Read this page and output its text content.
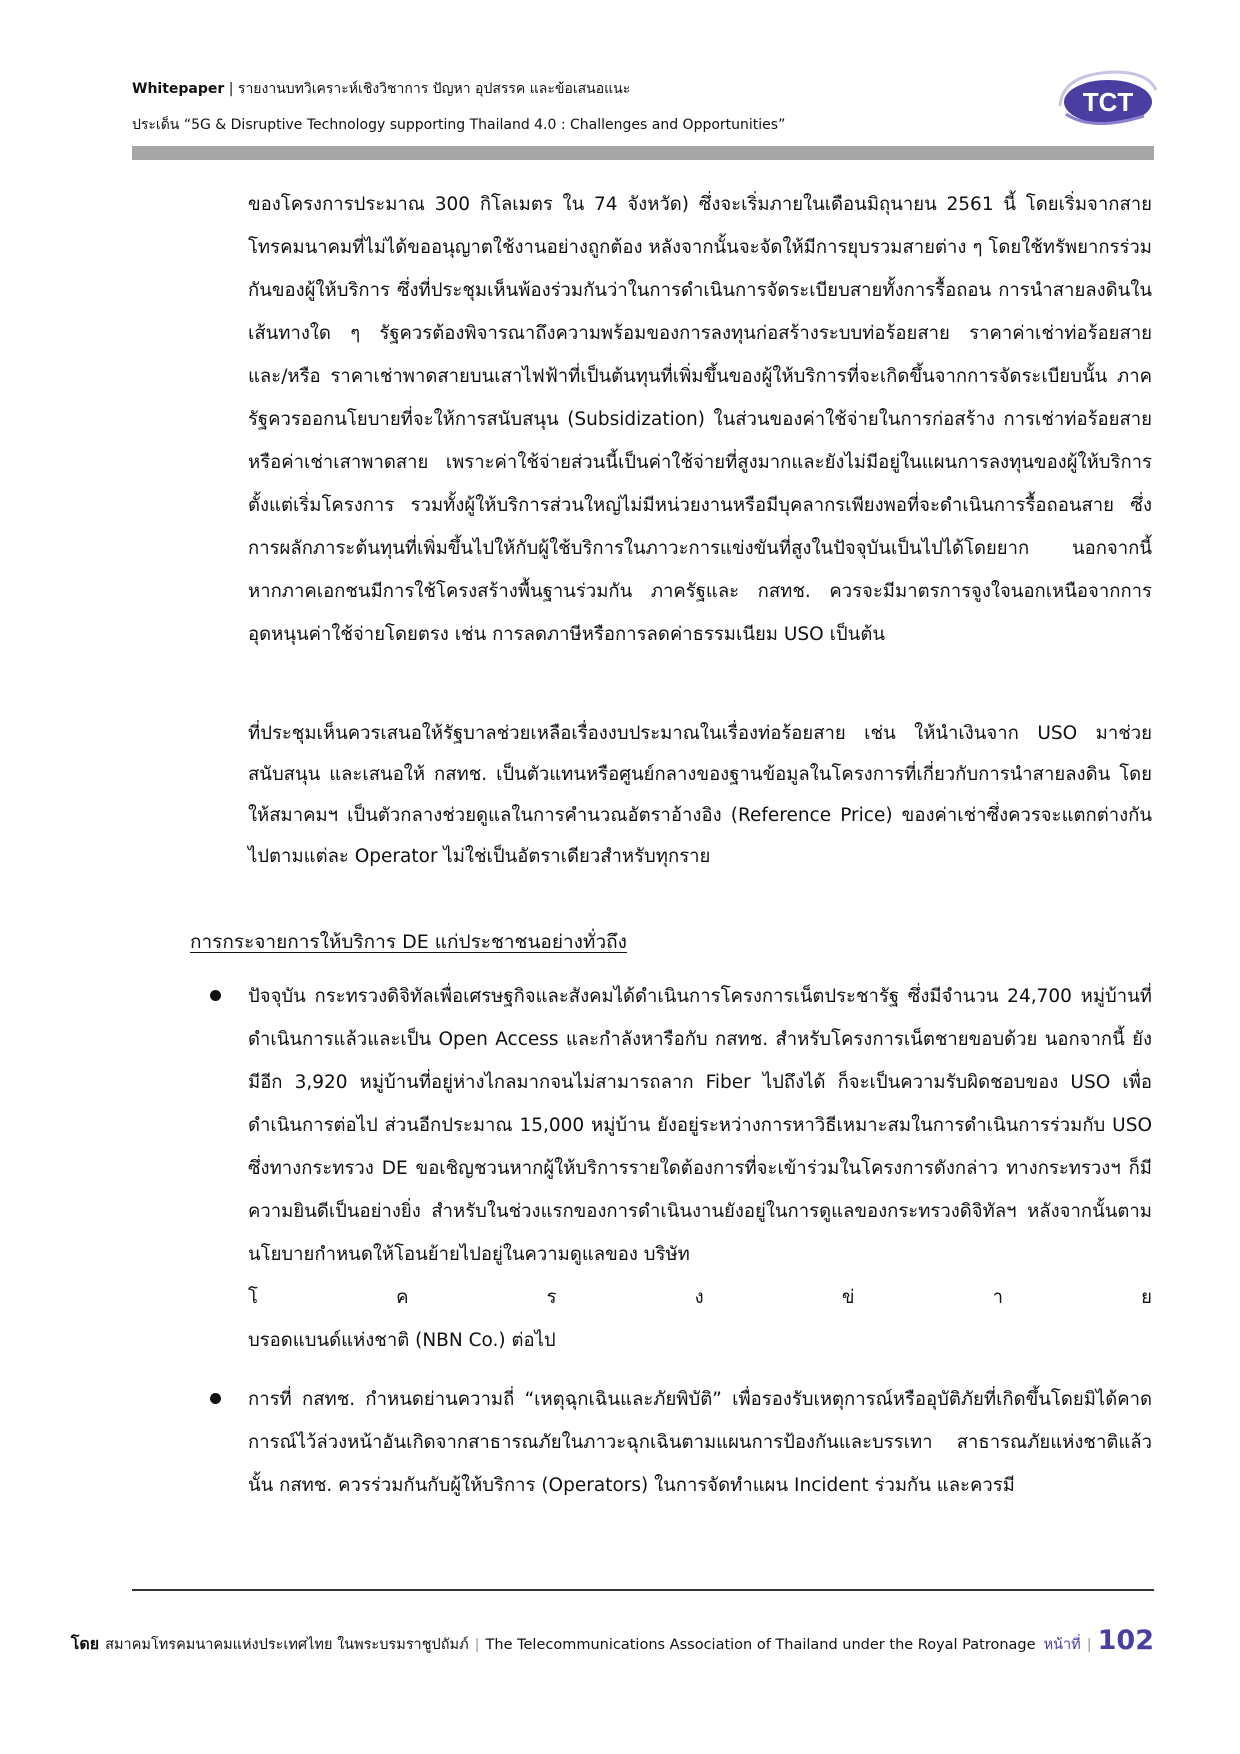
Whitepaper | รายงานบทวิเคราะห์เชิงวิชาการ ปัญหา อุปสรรค และข้อเสนอแนะ
ประเด็น “5G & Disruptive Technology supporting Thailand 4.0 : Challenges and Opportunities”
TCT

ของโครงการประมาณ 300 กิโลเมตร ใน 74 จังหวัด) ซึ่งจะเริ่มภายในเดือนมิถุนายน 2561 นี้ โดยเริ่มจากสายโทรคมนาคมที่ไม่ได้ขออนุญาตใช้งานอย่างถูกต้อง หลังจากนั้นจะจัดให้มีการยุบรวมสายต่าง ๆ โดยใช้ทรัพยากรร่วมกันของผู้ให้บริการ ซึ่งที่ประชุมเห็นพ้องร่วมกันว่าในการดำเนินการจัดระเบียบสายทั้งการรื้อถอน การนำสายลงดินในเส้นทางใด ๆ รัฐควรต้องพิจารณาถึงความพร้อมของการลงทุนก่อสร้างระบบท่อร้อยสาย ราคาค่าเช่าท่อร้อยสาย และ/หรือ ราคาเช่าพาดสายบนเสาไฟฟ้าที่เป็นต้นทุนที่เพิ่มขึ้นของผู้ให้บริการที่จะเกิดขึ้นจากการจัดระเบียบนั้น ภาครัฐควรออกนโยบายที่จะให้การสนับสนุน (Subsidization) ในส่วนของค่าใช้จ่ายในการก่อสร้าง การเช่าท่อร้อยสาย หรือค่าเช่าเสาพาดสาย เพราะค่าใช้จ่ายส่วนนี้เป็นค่าใช้จ่ายที่สูงมากและยังไม่มีอยู่ในแผนการลงทุนของผู้ให้บริการตั้งแต่เริ่มโครงการ รวมทั้งผู้ให้บริการส่วนใหญ่ไม่มีหน่วยงานหรือมีบุคลากรเพียงพอที่จะดำเนินการรื้อถอนสาย ซึ่งการผลักภาระต้นทุนที่เพิ่มขึ้นไปให้กับผู้ใช้บริการในภาวะการแข่งขันที่สูงในปัจจุบันเป็นไปได้โดยยาก นอกจากนี้ หากภาคเอกชนมีการใช้โครงสร้างพื้นฐานร่วมกัน ภาครัฐและ กสทช. ควรจะมีมาตรการจูงใจนอกเหนือจากการอุดหนุนค่าใช้จ่ายโดยตรง เช่น การลดภาษีหรือการลดค่าธรรมเนียม USO เป็นต้น

ที่ประชุมเห็นควรเสนอให้รัฐบาลช่วยเหลือเรื่องงบประมาณในเรื่องท่อร้อยสาย เช่น ให้นำเงินจาก USO มาช่วยสนับสนุน และเสนอให้ กสทช. เป็นตัวแทนหรือศูนย์กลางของฐานข้อมูลในโครงการที่เกี่ยวกับการนำสายลงดิน โดยให้สมาคมฯ เป็นตัวกลางช่วยดูแลในการคำนวณอัตราอ้างอิง (Reference Price) ของค่าเช่าซึ่งควรจะแตกต่างกันไปตามแต่ละ Operator ไม่ใช่เป็นอัตราเดียวสำหรับทุกราย

การกระจายการให้บริการ DE แก่ประชาชนอย่างทั่วถึง

ปัจจุบัน กระทรวงดิจิทัลเพื่อเศรษฐกิจและสังคมได้ดำเนินการโครงการเน็ตประชารัฐ ซึ่งมีจำนวน 24,700 หมู่บ้านที่ดำเนินการแล้วและเป็น Open Access และกำลังหารือกับ กสทช. สำหรับโครงการเน็ตชายขอบด้วย นอกจากนี้ ยังมีอีก 3,920 หมู่บ้านที่อยู่ห่างไกลมากจนไม่สามารถลาก Fiber ไปถึงได้ ก็จะเป็นความรับผิดชอบของ USO เพื่อดำเนินการต่อไป ส่วนอีกประมาณ 15,000 หมู่บ้าน ยังอยู่ระหว่างการหาวิธีเหมาะสมในการดำเนินการร่วมกับ USO ซึ่งทางกระทรวง DE ขอเชิญชวนหากผู้ให้บริการรายใดต้องการที่จะเข้าร่วมในโครงการดังกล่าว ทางกระทรวงฯ ก็มีความยินดีเป็นอย่างยิ่ง สำหรับในช่วงแรกของการดำเนินงานยังอยู่ในการดูแลของกระทรวงดิจิทัลฯ หลังจากนั้นตามนโยบายกำหนดให้โอนย้ายไปอยู่ในความดูแลของ บริษัท

โ	ค	ร	ง	ข่	า	ย

บรอดแบนด์แห่งชาติ (NBN Co.) ต่อไป

การที่ กสทช. กำหนดย่านความถี่ “เหตุฉุกเฉินและภัยพิบัติ” เพื่อรองรับเหตุการณ์หรืออุบัติภัยที่เกิดขึ้นโดยมิได้คาดการณ์ไว้ล่วงหน้าอันเกิดจากสาธารณภัยในภาวะฉุกเฉินตามแผนการป้องกันและบรรเทา สาธารณภัยแห่งชาติแล้วนั้น กสทช. ควรร่วมกันกับผู้ให้บริการ (Operators) ในการจัดทำแผน Incident ร่วมกัน และควรมี

โดย สมาคมโทรคมนาคมแห่งประเทศไทย ในพระบรมราชูปถัมภ์ | The Telecommunications Association of Thailand under the Royal Patronage หน้าที่ | 102
